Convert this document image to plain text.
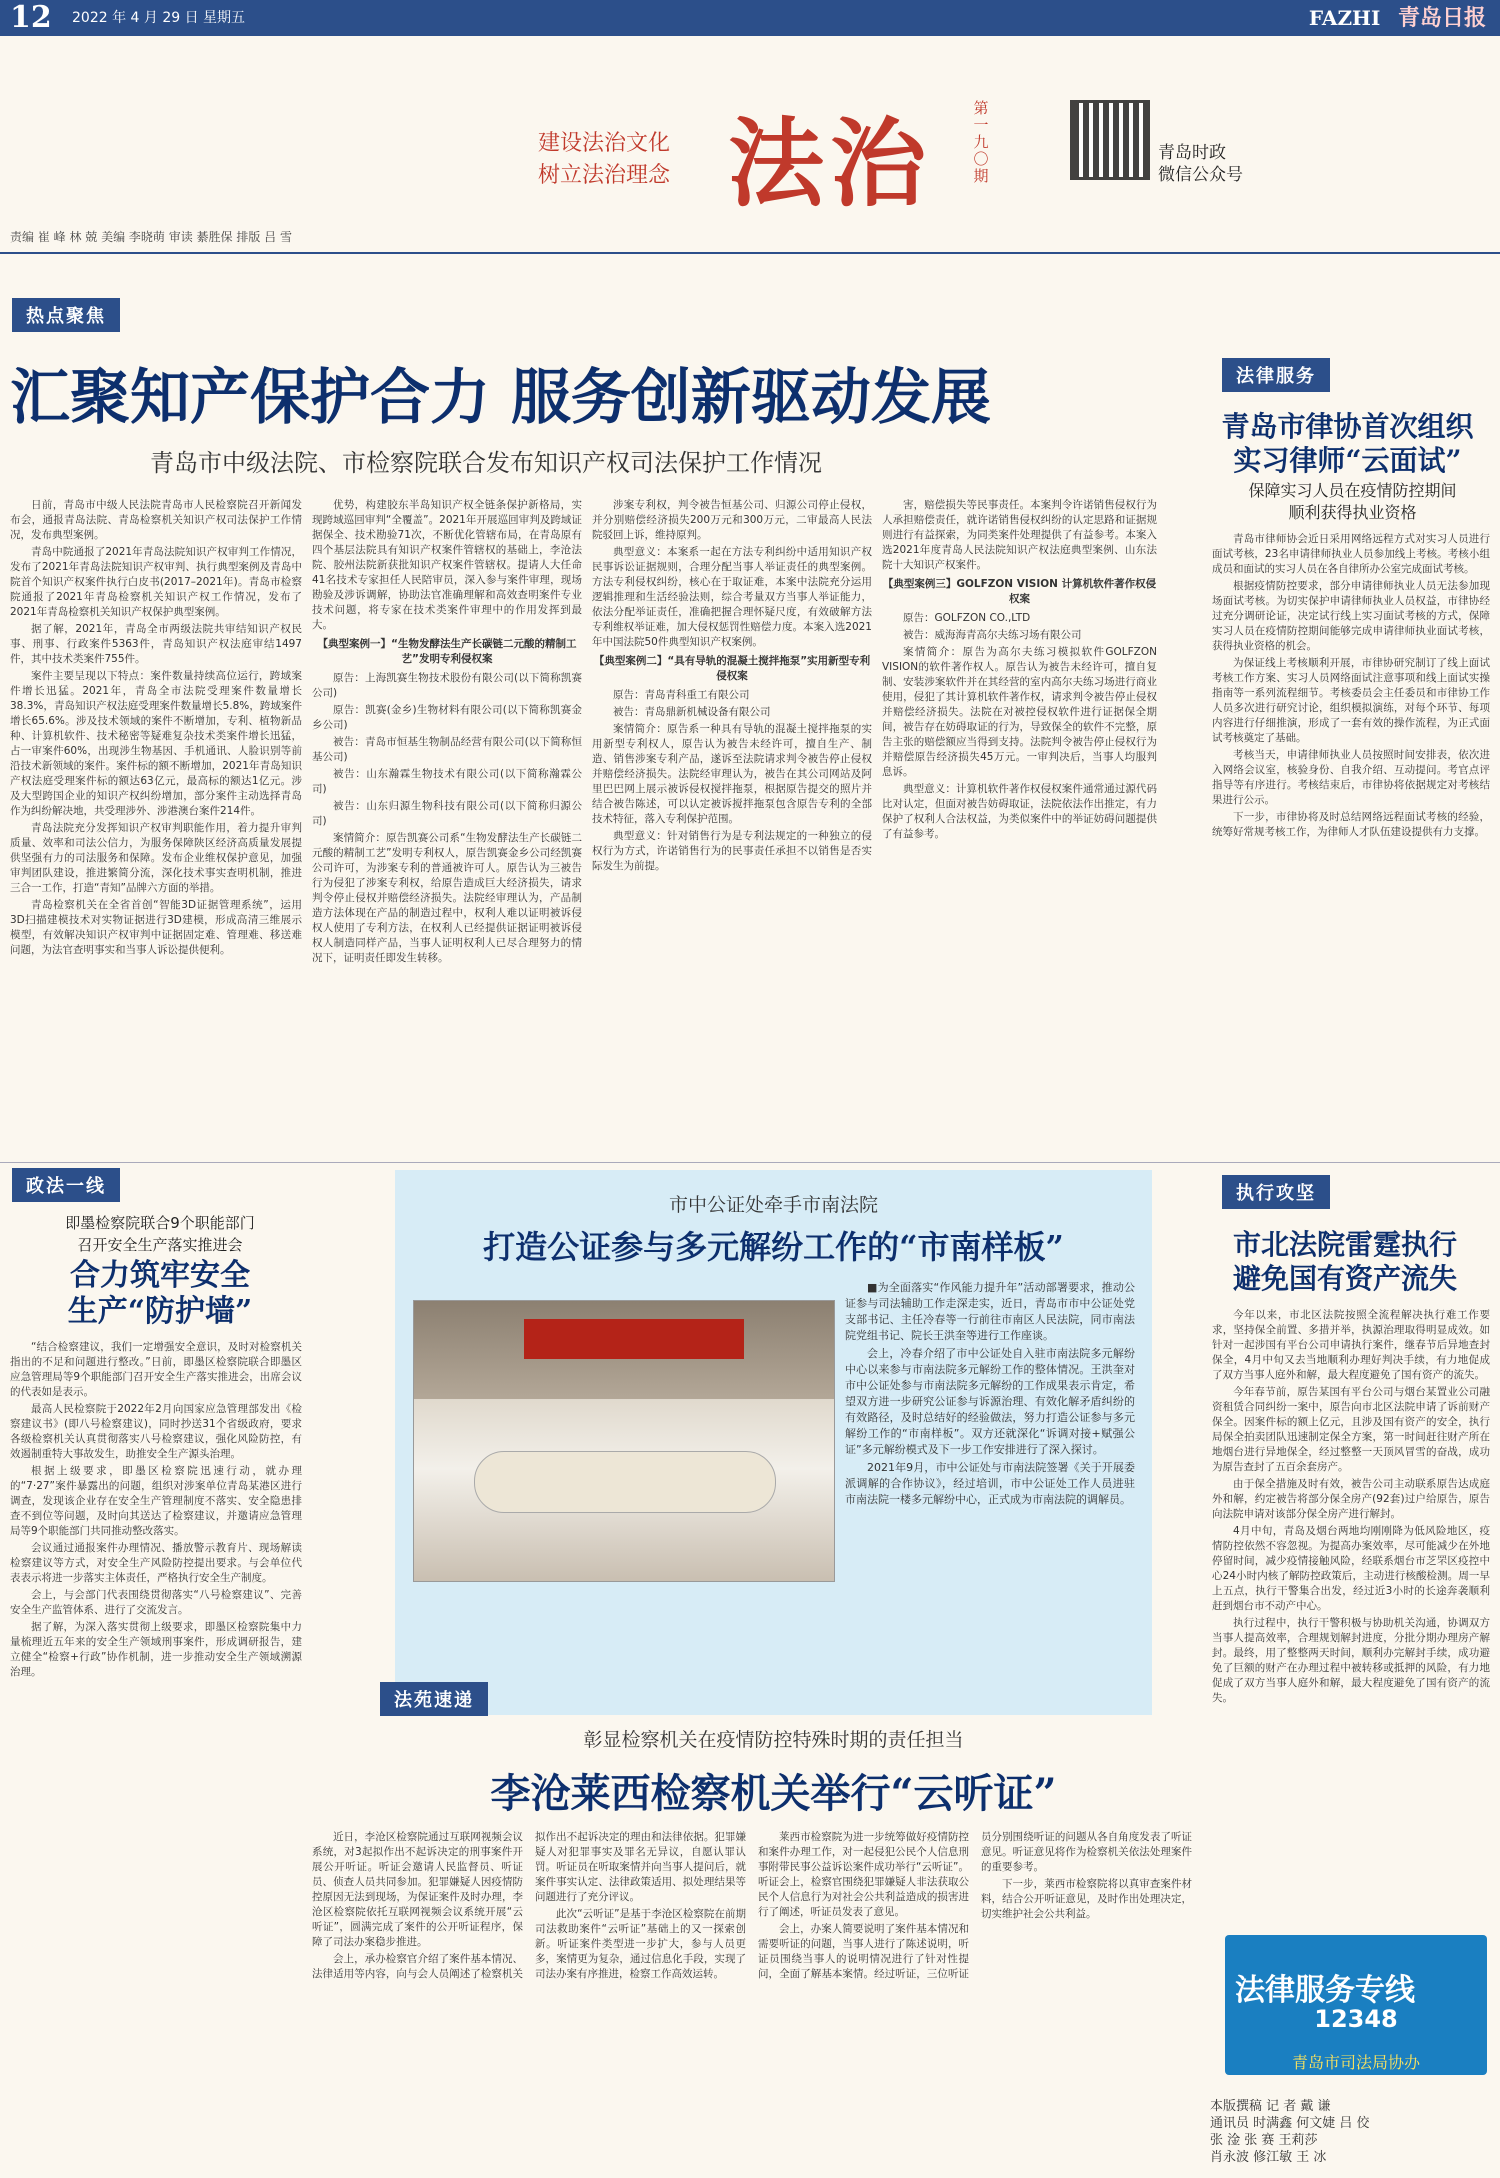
12 2022 年 4 月 29 日 星期五	FAZHI 青岛日报
建设法治文化
树立法治理念 法治	第一九〇期
青岛时政
微信公众号
责编 崔 峰 林 兢 美编 李晓萌 审读 綦胜保 排版 吕 雪
热点聚焦
汇聚知产保护合力 服务创新驱动发展
青岛市中级法院、市检察院联合发布知识产权司法保护工作情况

日前，青岛市中级人民法院青岛市人民检察院召开新闻发布会，通报青岛法院、青岛检察机关知识产权司法保护工作情况，发布典型案例。

青岛中院通报了2021年青岛法院知识产权审判工作情况，发布了2021年青岛法院知识产权审判、执行典型案例及青岛中院首个知识产权案件执行白皮书(2017–2021年)。青岛市检察院通报了2021年青岛检察机关知识产权工作情况，发布了2021年青岛检察机关知识产权保护典型案例。

据了解，2021年，青岛全市两级法院共审结知识产权民事、刑事、行政案件5363件，青岛知识产权法庭审结1497件，其中技术类案件755件。

案件主要呈现以下特点：案件数量持续高位运行，跨域案件增长迅猛。2021年，青岛全市法院受理案件数量增长38.3%，青岛知识产权法庭受理案件数量增长5.8%，跨域案件增长65.6%。涉及技术领域的案件不断增加，专利、植物新品种、计算机软件、技术秘密等疑难复杂技术类案件增长迅猛，占一审案件60%，出现涉生物基因、手机通讯、人脸识别等前沿技术新领域的案件。案件标的额不断增加，2021年青岛知识产权法庭受理案件标的额达63亿元，最高标的额达1亿元。涉及大型跨国企业的知识产权纠纷增加，部分案件主动选择青岛作为纠纷解决地，共受理涉外、涉港澳台案件214件。

青岛法院充分发挥知识产权审判职能作用，着力提升审判质量、效率和司法公信力，为服务保障陕区经济高质量发展提供坚强有力的司法服务和保障。发布企业维权保护意见，加强审判团队建设，推进繁简分流，深化技术事实查明机制，推进三合一工作，打造“青知”品牌六方面的举措。

青岛检察机关在全省首创“智能3D证据管理系统”，运用3D扫描建模技术对实物证据进行3D建模，形成高清三维展示模型，有效解决知识产权审判中证据固定难、管理难、移送难问题，为法官查明事实和当事人诉讼提供便利。

优势，构建胶东半岛知识产权全链条保护新格局，实现跨域巡回审判“全覆盖”。2021年开展巡回审判及跨域证据保全、技术勘验71次，不断优化管辖布局，在青岛原有四个基层法院具有知识产权案件管辖权的基础上，李沧法院、胶州法院新获批知识产权案件管辖权。提请人大任命41名技术专家担任人民陪审员，深入参与案件审理，现场勘验及涉诉调解，协助法官准确理解和高效查明案件专业技术问题，将专家在技术类案件审理中的作用发挥到最大。

【典型案例一】“生物发酵法生产长碳链二元酸的精制工艺”发明专利侵权案

原告：上海凯赛生物技术股份有限公司(以下简称凯赛公司)

原告：凯赛(金乡)生物材料有限公司(以下简称凯赛金乡公司)

被告：青岛市恒基生物制品经营有限公司(以下简称恒基公司)

被告：山东瀚霖生物技术有限公司(以下简称瀚霖公司)

被告：山东归源生物科技有限公司(以下简称归源公司)

案情简介：原告凯赛公司系“生物发酵法生产长碳链二元酸的精制工艺”发明专利权人，原告凯赛金乡公司经凯赛公司许可，为涉案专利的普通被许可人。原告认为三被告行为侵犯了涉案专利权，给原告造成巨大经济损失，请求判令停止侵权并赔偿经济损失。法院经审理认为，产品制造方法体现在产品的制造过程中，权利人难以证明被诉侵权人使用了专利方法，在权利人已经提供证据证明被诉侵权人制造同样产品，当事人证明权利人已尽合理努力的情况下，证明责任即发生转移。

涉案专利权，判令被告恒基公司、归源公司停止侵权，并分别赔偿经济损失200万元和300万元，二审最高人民法院驳回上诉，维持原判。

典型意义：本案系一起在方法专利纠纷中适用知识产权民事诉讼证据规则，合理分配当事人举证责任的典型案例。方法专利侵权纠纷，核心在于取证难，本案中法院充分运用逻辑推理和生活经验法则，综合考量双方当事人举证能力，依法分配举证责任，准确把握合理怀疑尺度，有效破解方法专利维权举证难，加大侵权惩罚性赔偿力度。本案入选2021年中国法院50件典型知识产权案例。

【典型案例二】“具有导轨的混凝土搅拌拖泵”实用新型专利侵权案

原告：青岛青科重工有限公司

被告：青岛鼎新机械设备有限公司

案情简介：原告系一种具有导轨的混凝土搅拌拖泵的实用新型专利权人，原告认为被告未经许可，擅自生产、制造、销售涉案专利产品，遂诉至法院请求判令被告停止侵权并赔偿经济损失。法院经审理认为，被告在其公司网站及阿里巴巴网上展示被诉侵权搅拌拖泵，根据原告提交的照片并结合被告陈述，可以认定被诉搅拌拖泵包含原告专利的全部技术特征，落入专利保护范围。

典型意义：针对销售行为是专利法规定的一种独立的侵权行为方式，许诺销售行为的民事责任承担不以销售是否实际发生为前提。

害，赔偿损失等民事责任。本案判令许诺销售侵权行为人承担赔偿责任，就许诺销售侵权纠纷的认定思路和证据规则进行有益探索，为同类案件处理提供了有益参考。本案入选2021年度青岛人民法院知识产权法庭典型案例、山东法院十大知识产权案件。

【典型案例三】GOLFZON VISION 计算机软件著作权侵权案

原告：GOLFZON CO.,LTD

被告：威海海青高尔夫练习场有限公司

案情简介：原告为高尔夫练习模拟软件GOLFZON VISION的软件著作权人。原告认为被告未经许可，擅自复制、安装涉案软件并在其经营的室内高尔夫练习场进行商业使用，侵犯了其计算机软件著作权，请求判令被告停止侵权并赔偿经济损失。法院在对被控侵权软件进行证据保全期间，被告存在妨碍取证的行为，导致保全的软件不完整，原告主张的赔偿额应当得到支持。法院判令被告停止侵权行为并赔偿原告经济损失45万元。一审判决后，当事人均服判息诉。

典型意义：计算机软件著作权侵权案件通常通过源代码比对认定，但面对被告妨碍取证，法院依法作出推定，有力保护了权利人合法权益，为类似案件中的举证妨碍问题提供了有益参考。

法律服务
青岛市律协首次组织
实习律师“云面试”
保障实习人员在疫情防控期间
顺利获得执业资格

青岛市律师协会近日采用网络远程方式对实习人员进行面试考核，23名申请律师执业人员参加线上考核。考核小组成员和面试的实习人员在各自律所办公室完成面试考核。

根据疫情防控要求，部分申请律师执业人员无法参加现场面试考核。为切实保护申请律师执业人员权益，市律协经过充分调研论证，决定试行线上实习面试考核的方式，保障实习人员在疫情防控期间能够完成申请律师执业面试考核，获得执业资格的机会。

为保证线上考核顺利开展，市律协研究制订了线上面试考核工作方案、实习人员网络面试注意事项和线上面试实操指南等一系列流程细节。考核委员会主任委员和市律协工作人员多次进行研究讨论，组织模拟演练，对每个环节、每项内容进行仔细推演，形成了一套有效的操作流程，为正式面试考核奠定了基础。

考核当天，申请律师执业人员按照时间安排表，依次进入网络会议室，核验身份、自我介绍、互动提问。考官点评指导等有序进行。考核结束后，市律协将依据规定对考核结果进行公示。

下一步，市律协将及时总结网络远程面试考核的经验，统筹好常规考核工作，为律师人才队伍建设提供有力支撑。

政法一线
即墨检察院联合9个职能部门
召开安全生产落实推进会
合力筑牢安全
生产“防护墙”

“结合检察建议，我们一定增强安全意识，及时对检察机关指出的不足和问题进行整改。”日前，即墨区检察院联合即墨区应急管理局等9个职能部门召开安全生产落实推进会，出席会议的代表如是表示。

最高人民检察院于2022年2月向国家应急管理部发出《检察建议书》(即八号检察建议)，同时抄送31个省级政府，要求各级检察机关认真贯彻落实八号检察建议，强化风险防控，有效遏制重特大事故发生，助推安全生产源头治理。

根据上级要求，即墨区检察院迅速行动，就办理的“7·27”案件暴露出的问题，组织对涉案单位青岛某港区进行调查，发现该企业存在安全生产管理制度不落实、安全隐患排查不到位等问题，及时向其送达了检察建议，并邀请应急管理局等9个职能部门共同推动整改落实。

会议通过通报案件办理情况、播放警示教育片、现场解读检察建议等方式，对安全生产风险防控提出要求。与会单位代表表示将进一步落实主体责任，严格执行安全生产制度。

会上，与会部门代表围绕贯彻落实“八号检察建议”、完善安全生产监管体系、进行了交流发言。

据了解，为深入落实贯彻上级要求，即墨区检察院集中力量梳理近五年来的安全生产领域刑事案件，形成调研报告，建立健全“检察+行政”协作机制，进一步推动安全生产领域溯源治理。

市中公证处牵手市南法院
打造公证参与多元解纷工作的“市南样板”

■为全面落实“作风能力提升年”活动部署要求，推动公证参与司法辅助工作走深走实，近日，青岛市市中公证处党支部书记、主任冷春等一行前往市南区人民法院，同市南法院党组书记、院长王洪奎等进行工作座谈。

会上，冷春介绍了市中公证处自入驻市南法院多元解纷中心以来参与市南法院多元解纷工作的整体情况。王洪奎对市中公证处参与市南法院多元解纷的工作成果表示肯定，希望双方进一步研究公证参与诉源治理、有效化解矛盾纠纷的有效路径，及时总结好的经验做法，努力打造公证参与多元解纷工作的“市南样板”。双方还就深化“诉调对接+赋强公证”多元解纷模式及下一步工作安排进行了深入探讨。

2021年9月，市中公证处与市南法院签署《关于开展委派调解的合作协议》，经过培训，市中公证处工作人员进驻市南法院一楼多元解纷中心，正式成为市南法院的调解员。

执行攻坚
市北法院雷霆执行
避免国有资产流失

今年以来，市北区法院按照全流程解决执行难工作要求，坚持保全前置、多措并举，执源治理取得明显成效。如针对一起涉国有平台公司申请执行案件，继春节后异地查封保全，4月中旬又去当地顺利办理好判决手续，有力地促成了双方当事人庭外和解，最大程度避免了国有资产的流失。

今年春节前，原告某国有平台公司与烟台某置业公司融资租赁合同纠纷一案中，原告向市北区法院申请了诉前财产保全。因案件标的额上亿元，且涉及国有资产的安全，执行局保全拍卖团队迅速制定保全方案，第一时间赶往财产所在地烟台进行异地保全，经过整整一天顶风冒雪的奋战，成功为原告查封了五百余套房产。

由于保全措施及时有效，被告公司主动联系原告达成庭外和解，约定被告将部分保全房产(92套)过户给原告，原告向法院申请对该部分保全房产进行解封。

4月中旬，青岛及烟台两地均刚刚降为低风险地区，疫情防控依然不容忽视。为提高办案效率，尽可能减少在外地停留时间，减少疫情接触风险，经联系烟台市芝罘区疫控中心24小时内核了解防控政策后，主动进行核酸检测。周一早上五点，执行干警集合出发，经过近3小时的长途奔袭顺利赶到烟台市不动产中心。

执行过程中，执行干警积极与协助机关沟通，协调双方当事人提高效率，合理规划解封进度，分批分期办理房产解封。最终，用了整整两天时间，顺利办完解封手续，成功避免了巨额的财产在办理过程中被转移或抵押的风险，有力地促成了双方当事人庭外和解，最大程度避免了国有资产的流失。

法律服务专线
12348
青岛市司法局协办
法苑速递
彰显检察机关在疫情防控特殊时期的责任担当
李沧莱西检察机关举行“云听证”

近日，李沧区检察院通过互联网视频会议系统，对3起拟作出不起诉决定的刑事案件开展公开听证。听证会邀请人民监督员、听证员、侦查人员共同参加。犯罪嫌疑人因疫情防控原因无法到现场，为保证案件及时办理，李沧区检察院依托互联网视频会议系统开展“云听证”，圆满完成了案件的公开听证程序，保障了司法办案稳步推进。

会上，承办检察官介绍了案件基本情况、法律适用等内容，向与会人员阐述了检察机关拟作出不起诉决定的理由和法律依据。犯罪嫌疑人对犯罪事实及罪名无异议，自愿认罪认罚。听证员在听取案情并向当事人提问后，就案件事实认定、法律政策适用、拟处理结果等问题进行了充分评议。

此次“云听证”是基于李沧区检察院在前期司法救助案件“云听证”基础上的又一探索创新。听证案件类型进一步扩大，参与人员更多，案情更为复杂，通过信息化手段，实现了司法办案有序推进，检察工作高效运转。

莱西市检察院为进一步统筹做好疫情防控和案件办理工作，对一起侵犯公民个人信息刑事附带民事公益诉讼案件成功举行“云听证”。听证会上，检察官围绕犯罪嫌疑人非法获取公民个人信息行为对社会公共利益造成的损害进行了阐述，听证员发表了意见。

会上，办案人简要说明了案件基本情况和需要听证的问题，当事人进行了陈述说明，听证员围绕当事人的说明情况进行了针对性提问，全面了解基本案情。经过听证，三位听证员分别围绕听证的问题从各自角度发表了听证意见。听证意见将作为检察机关依法处理案件的重要参考。

下一步，莱西市检察院将以真审查案件材料，结合公开听证意见，及时作出处理决定，切实维护社会公共利益。

本版撰稿 记 者 戴 谦
通讯员 时满鑫 何文婕 吕 佼
张 淦 张 赛 王莉莎
肖永波 修江敏 王 冰
